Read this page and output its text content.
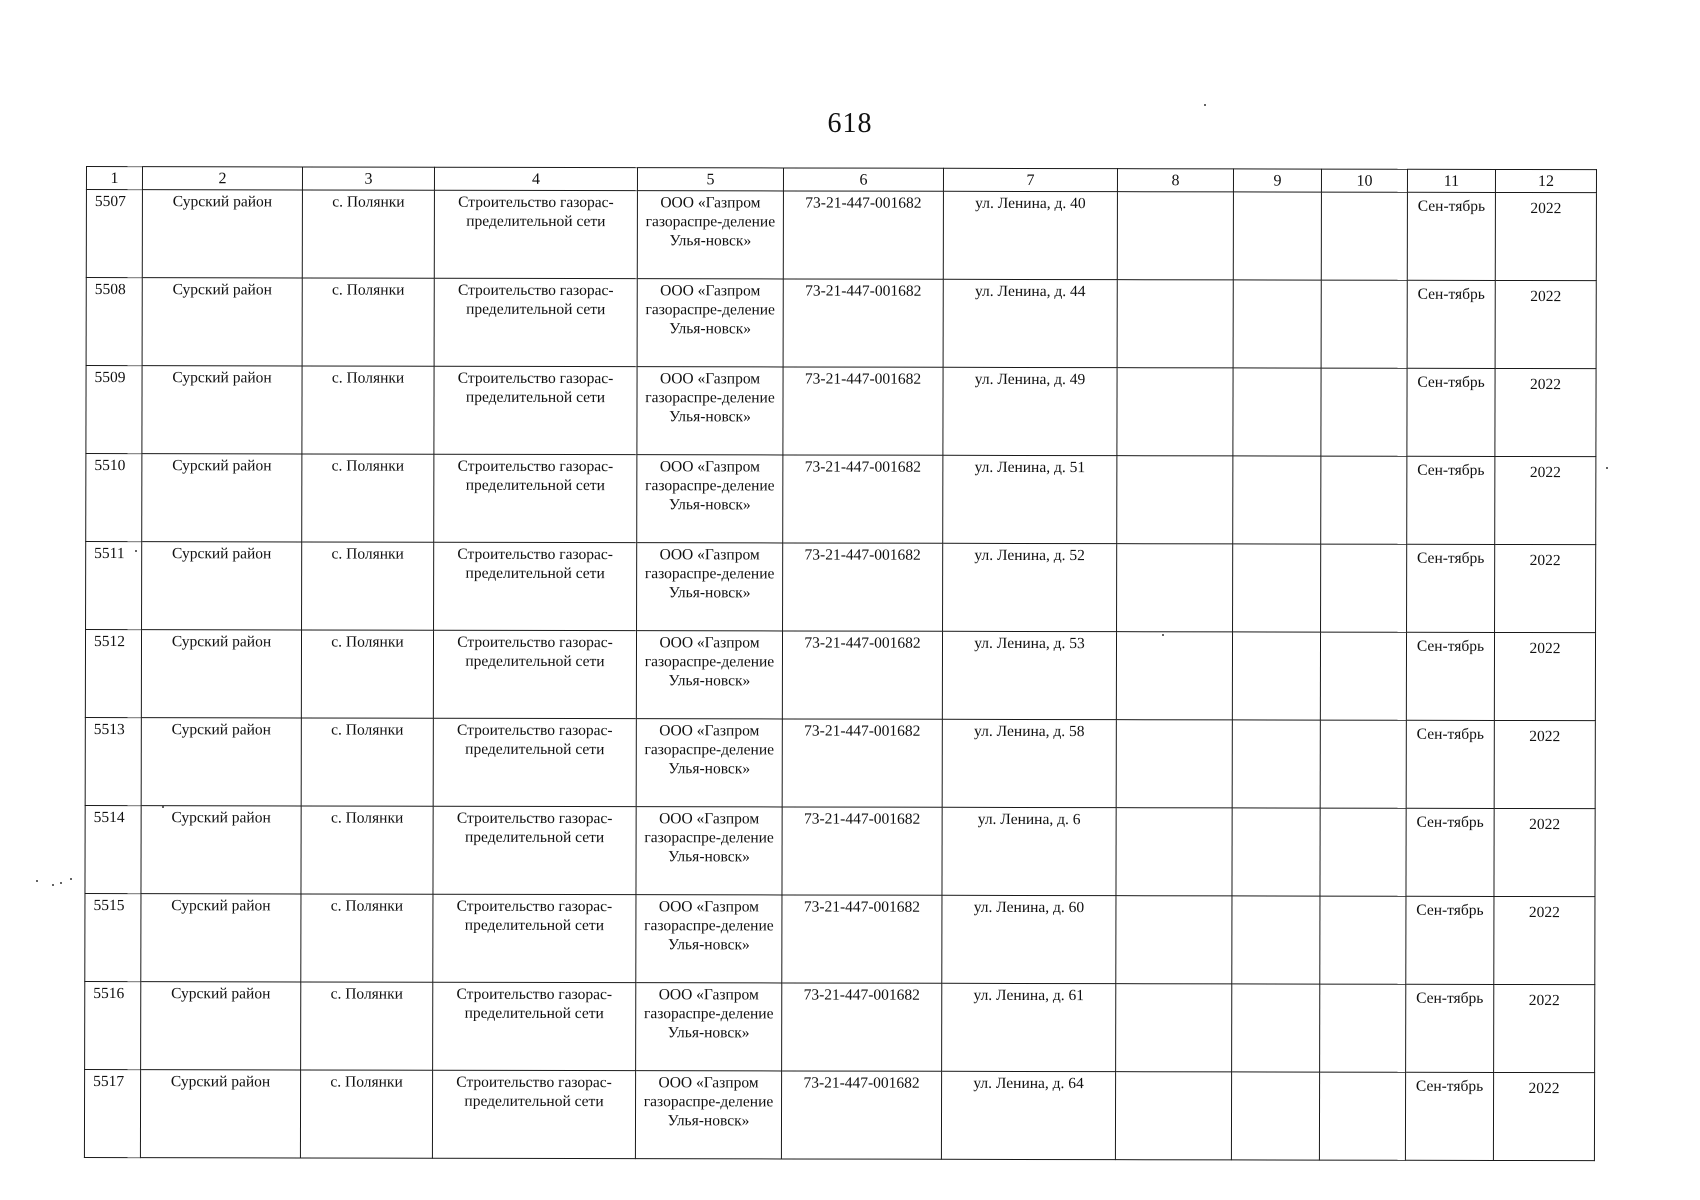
618
1	2	3	4	5	6	7	8	9	10	11	12
5507	Сурский район	с. Полянки	Строительство газорас-пределительной сети	ООО «Газпром газораспре-деление Улья-новск»	73-21-447-001682	ул. Ленина, д. 40				Сен-тябрь	2022
5508	Сурский район	с. Полянки	Строительство газорас-пределительной сети	ООО «Газпром газораспре-деление Улья-новск»	73-21-447-001682	ул. Ленина, д. 44				Сен-тябрь	2022
5509	Сурский район	с. Полянки	Строительство газорас-пределительной сети	ООО «Газпром газораспре-деление Улья-новск»	73-21-447-001682	ул. Ленина, д. 49				Сен-тябрь	2022
5510	Сурский район	с. Полянки	Строительство газорас-пределительной сети	ООО «Газпром газораспре-деление Улья-новск»	73-21-447-001682	ул. Ленина, д. 51				Сен-тябрь	2022
5511	Сурский район	с. Полянки	Строительство газорас-пределительной сети	ООО «Газпром газораспре-деление Улья-новск»	73-21-447-001682	ул. Ленина, д. 52				Сен-тябрь	2022
5512	Сурский район	с. Полянки	Строительство газорас-пределительной сети	ООО «Газпром газораспре-деление Улья-новск»	73-21-447-001682	ул. Ленина, д. 53				Сен-тябрь	2022
5513	Сурский район	с. Полянки	Строительство газорас-пределительной сети	ООО «Газпром газораспре-деление Улья-новск»	73-21-447-001682	ул. Ленина, д. 58				Сен-тябрь	2022
5514	Сурский район	с. Полянки	Строительство газорас-пределительной сети	ООО «Газпром газораспре-деление Улья-новск»	73-21-447-001682	ул. Ленина, д. 6				Сен-тябрь	2022
5515	Сурский район	с. Полянки	Строительство газорас-пределительной сети	ООО «Газпром газораспре-деление Улья-новск»	73-21-447-001682	ул. Ленина, д. 60				Сен-тябрь	2022
5516	Сурский район	с. Полянки	Строительство газорас-пределительной сети	ООО «Газпром газораспре-деление Улья-новск»	73-21-447-001682	ул. Ленина, д. 61				Сен-тябрь	2022
5517	Сурский район	с. Полянки	Строительство газорас-пределительной сети	ООО «Газпром газораспре-деление Улья-новск»	73-21-447-001682	ул. Ленина, д. 64				Сен-тябрь	2022
